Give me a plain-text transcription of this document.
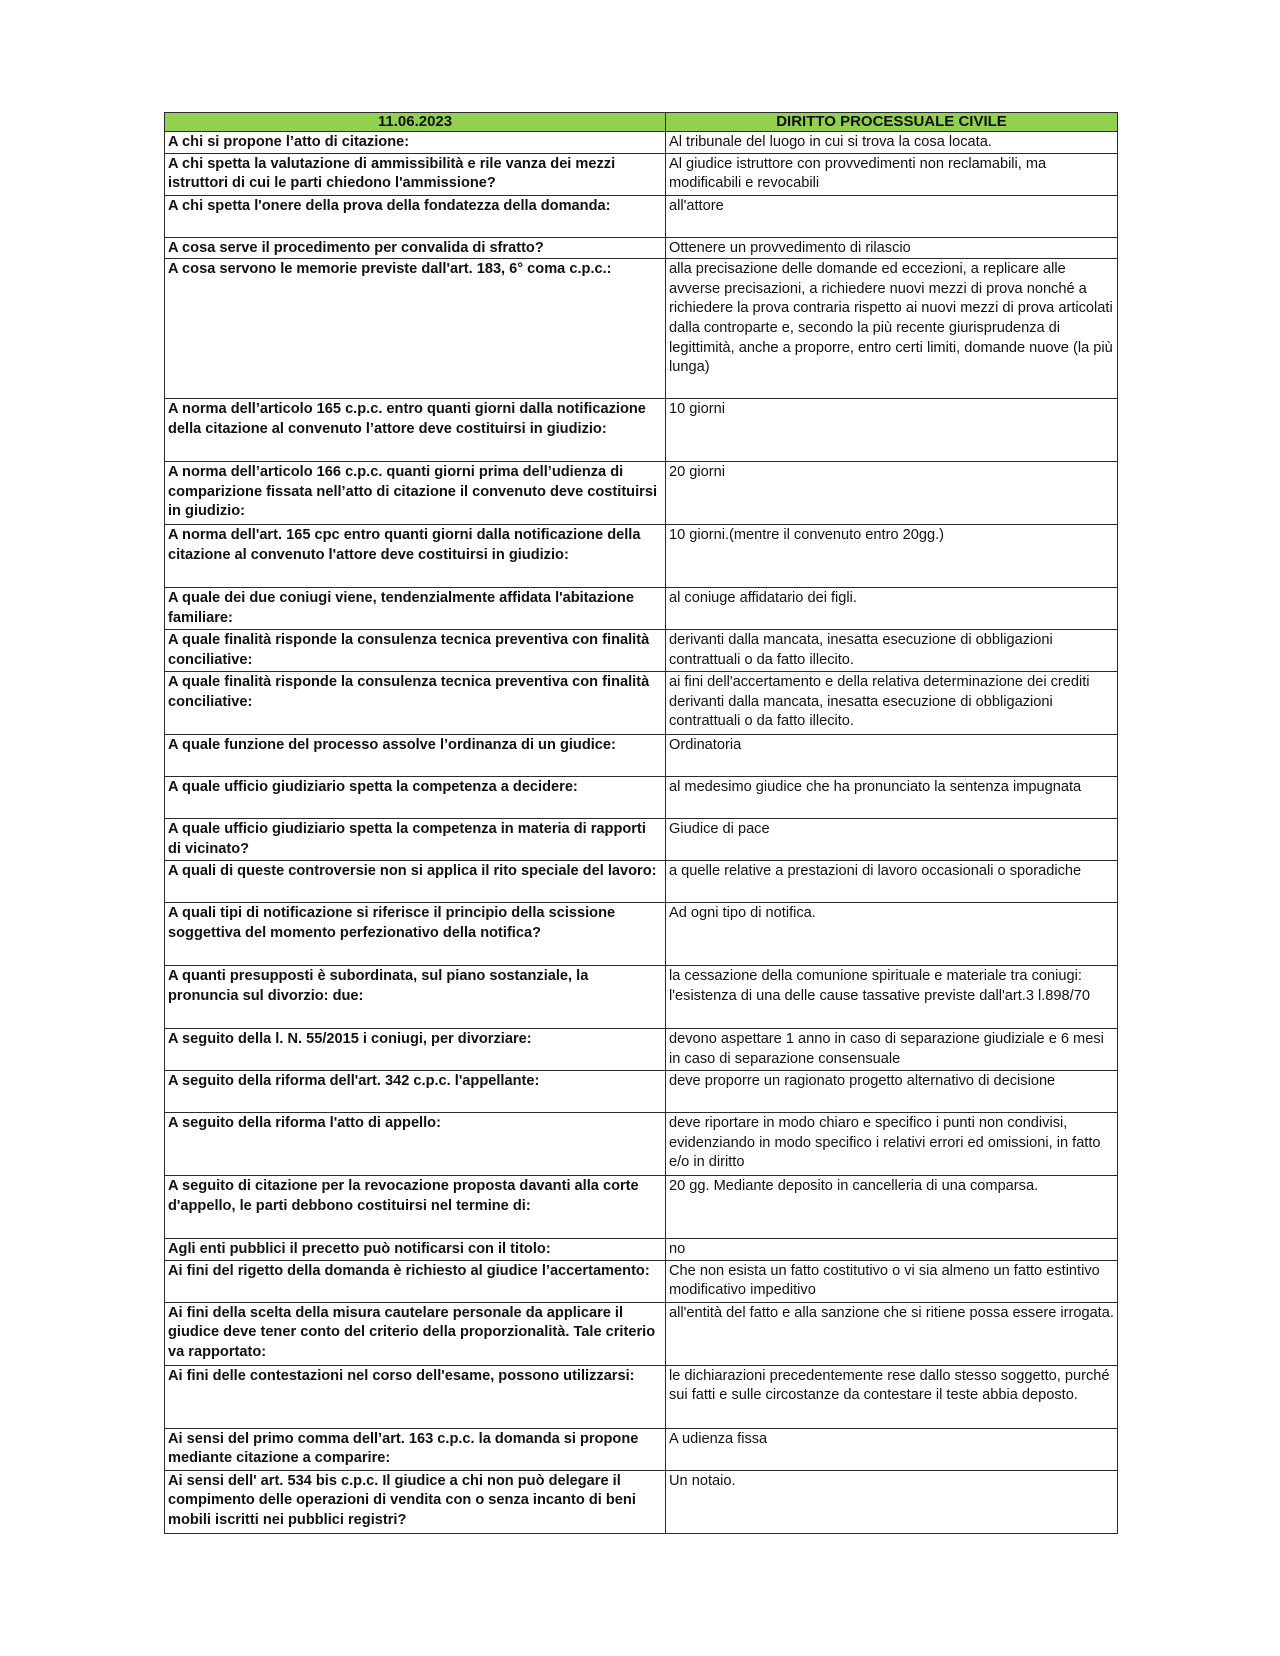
11.06.2023	DIRITTO PROCESSUALE CIVILE
A chi si propone l’atto di citazione:	Al tribunale del luogo in cui si trova la cosa locata.
A chi spetta la valutazione di ammissibilità e rile vanza dei mezzi istruttori di cui le parti chiedono l'ammissione?	Al giudice istruttore con provvedimenti non reclamabili, ma modificabili e revocabili
A chi spetta l'onere della prova della fondatezza della domanda:	all'attore
A cosa serve il procedimento per convalida di sfratto?	Ottenere un provvedimento di rilascio
A cosa servono le memorie previste dall'art. 183, 6° coma c.p.c.:	alla precisazione delle domande ed eccezioni, a replicare alle avverse precisazioni, a richiedere nuovi mezzi di prova nonché a richiedere la prova contraria rispetto ai nuovi mezzi di prova articolati dalla controparte e, secondo la più recente giurisprudenza di legittimità, anche a proporre, entro certi limiti, domande nuove (la più lunga)
A norma dell’articolo 165 c.p.c. entro quanti giorni dalla notificazione della citazione al convenuto l’attore deve costituirsi in giudizio:	10 giorni
A norma dell’articolo 166 c.p.c. quanti giorni prima dell’udienza di comparizione fissata nell’atto di citazione il convenuto deve costituirsi in giudizio:	20 giorni
A norma dell'art. 165 cpc entro quanti giorni dalla notificazione della citazione al convenuto l'attore deve costituirsi in giudizio:	10 giorni.(mentre il convenuto entro 20gg.)
A quale dei due coniugi viene, tendenzialmente affidata l'abitazione familiare:	al coniuge affidatario dei figli.
A quale finalità risponde la consulenza tecnica preventiva con finalità conciliative:	derivanti dalla mancata, inesatta esecuzione di obbligazioni contrattuali o da fatto illecito.
A quale finalità risponde la consulenza tecnica preventiva con finalità conciliative:	ai fini dell'accertamento e della relativa determinazione dei crediti derivanti dalla mancata, inesatta esecuzione di obbligazioni contrattuali o da fatto illecito.
A quale funzione del processo assolve l’ordinanza di un giudice:	Ordinatoria
A quale ufficio giudiziario spetta la competenza a decidere:	al medesimo giudice che ha pronunciato la sentenza impugnata
A quale ufficio giudiziario spetta la competenza in materia di rapporti di vicinato?	Giudice di pace
A quali di queste controversie non si applica il rito speciale del lavoro:	a quelle relative a prestazioni di lavoro occasionali o sporadiche
A quali tipi di notificazione si riferisce il principio della scissione soggettiva del momento perfezionativo della notifica?	Ad ogni tipo di notifica.
A quanti presupposti è subordinata, sul piano sostanziale, la pronuncia sul divorzio: due:	la cessazione della comunione spirituale e materiale tra coniugi: l'esistenza di una delle cause tassative previste dall'art.3 l.898/70
A seguito della l. N. 55/2015 i coniugi, per divorziare:	devono aspettare 1 anno in caso di separazione giudiziale e 6 mesi in caso di separazione consensuale
A seguito della riforma dell'art. 342 c.p.c. l'appellante:	deve proporre un ragionato progetto alternativo di decisione
A seguito della riforma l'atto di appello:	deve riportare in modo chiaro e specifico i punti non condivisi, evidenziando in modo specifico i relativi errori ed omissioni, in fatto e/o in diritto
A seguito di citazione per la revocazione proposta davanti alla corte d'appello, le parti debbono costituirsi nel termine di:	20 gg. Mediante deposito in cancelleria di una comparsa.
Agli enti pubblici il precetto può notificarsi con il titolo:	no
Ai fini del rigetto della domanda è richiesto al giudice l’accertamento:	Che non esista un fatto costitutivo o vi sia almeno un fatto estintivo modificativo impeditivo
Ai fini della scelta della misura cautelare personale da applicare il giudice deve tener conto del criterio della proporzionalità. Tale criterio va rapportato:	all'entità del fatto e alla sanzione che si ritiene possa essere irrogata.
Ai fini delle contestazioni nel corso dell'esame, possono utilizzarsi:	le dichiarazioni precedentemente rese dallo stesso soggetto, purché sui fatti e sulle circostanze da contestare il teste abbia deposto.
Ai sensi del primo comma dell’art. 163 c.p.c. la domanda si propone mediante citazione a comparire:	A udienza fissa
Ai sensi dell' art. 534 bis c.p.c. Il giudice a chi non può delegare il compimento delle operazioni di vendita con o senza incanto di beni mobili iscritti nei pubblici registri?	Un notaio.
